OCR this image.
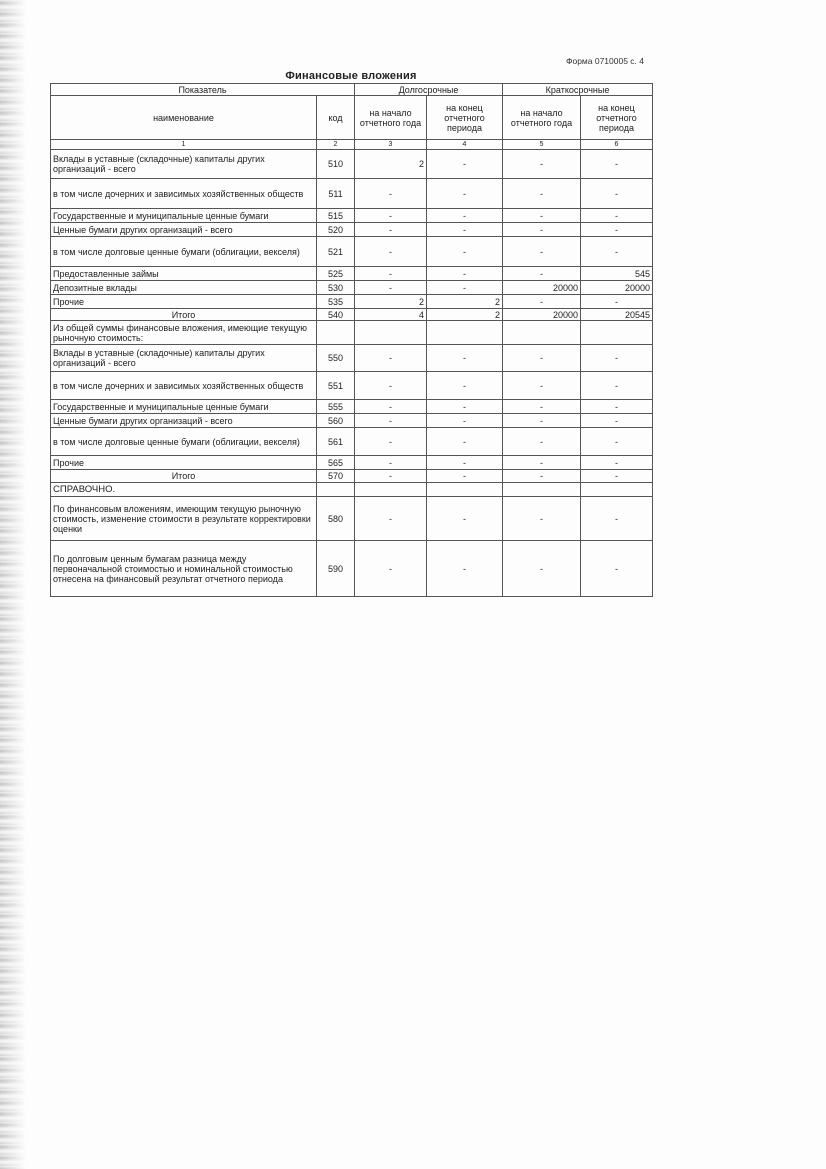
Форма 0710005 с. 4
Финансовые вложения
Показатель		Долгосрочные		Краткосрочные	
наименование	код	на начало отчетного года	на конец отчетного периода	на начало отчетного года	на конец отчетного периода
1	2	3	4	5	6
Вклады в уставные (складочные) капиталы других организаций - всего	510	2	-	-	-
в том числе дочерних и зависимых хозяйственных обществ	511	-	-	-	-
Государственные и муниципальные ценные бумаги	515	-	-	-	-
Ценные бумаги других организаций - всего	520	-	-	-	-
в том числе долговые ценные бумаги (облигации, векселя)	521	-	-	-	-
Предоставленные займы	525	-	-	-	545
Депозитные вклады	530	-	-	20000	20000
Прочие	535	2	2	-	-
Итого	540	4	2	20000	20545
Из общей суммы финансовые вложения, имеющие текущую рыночную стоимость:					
Вклады в уставные (складочные) капиталы других организаций - всего	550	-	-	-	-
в том числе дочерних и зависимых хозяйственных обществ	551	-	-	-	-
Государственные и муниципальные ценные бумаги	555	-	-	-	-
Ценные бумаги других организаций - всего	560	-	-	-	-
в том числе долговые ценные бумаги (облигации, векселя)	561	-	-	-	-
Прочие	565	-	-	-	-
Итого	570	-	-	-	-
СПРАВОЧНО.					
По финансовым вложениям, имеющим текущую рыночную стоимость, изменение стоимости в результате корректировки оценки	580	-	-	-	-
По долговым ценным бумагам разница между первоначальной стоимостью и номинальной стоимостью отнесена на финансовый результат отчетного периода	590	-	-	-	-
